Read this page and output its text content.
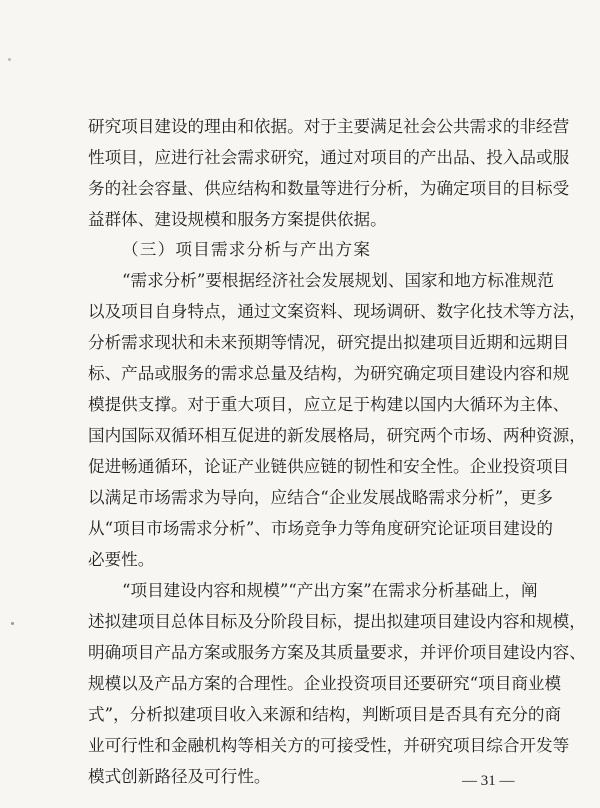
研究项目建设的理由和依据。对于主要满足社会公共需求的非经营
性项目，应进行社会需求研究，通过对项目的产出品、投入品或服
务的社会容量、供应结构和数量等进行分析，为确定项目的目标受
益群体、建设规模和服务方案提供依据。
（三）项目需求分析与产出方案
“需求分析”要根据经济社会发展规划、国家和地方标准规范
以及项目自身特点，通过文案资料、现场调研、数字化技术等方法，
分析需求现状和未来预期等情况，研究提出拟建项目近期和远期目
标、产品或服务的需求总量及结构，为研究确定项目建设内容和规
模提供支撑。对于重大项目，应立足于构建以国内大循环为主体、
国内国际双循环相互促进的新发展格局，研究两个市场、两种资源，
促进畅通循环，论证产业链供应链的韧性和安全性。企业投资项目
以满足市场需求为导向，应结合“企业发展战略需求分析”，更多
从“项目市场需求分析”、市场竞争力等角度研究论证项目建设的
必要性。
“项目建设内容和规模”“产出方案”在需求分析基础上，阐
述拟建项目总体目标及分阶段目标，提出拟建项目建设内容和规模，
明确项目产品方案或服务方案及其质量要求，并评价项目建设内容、
规模以及产品方案的合理性。企业投资项目还要研究“项目商业模
式”，分析拟建项目收入来源和结构，判断项目是否具有充分的商
业可行性和金融机构等相关方的可接受性，并研究项目综合开发等
模式创新路径及可行性。	— 31 —
